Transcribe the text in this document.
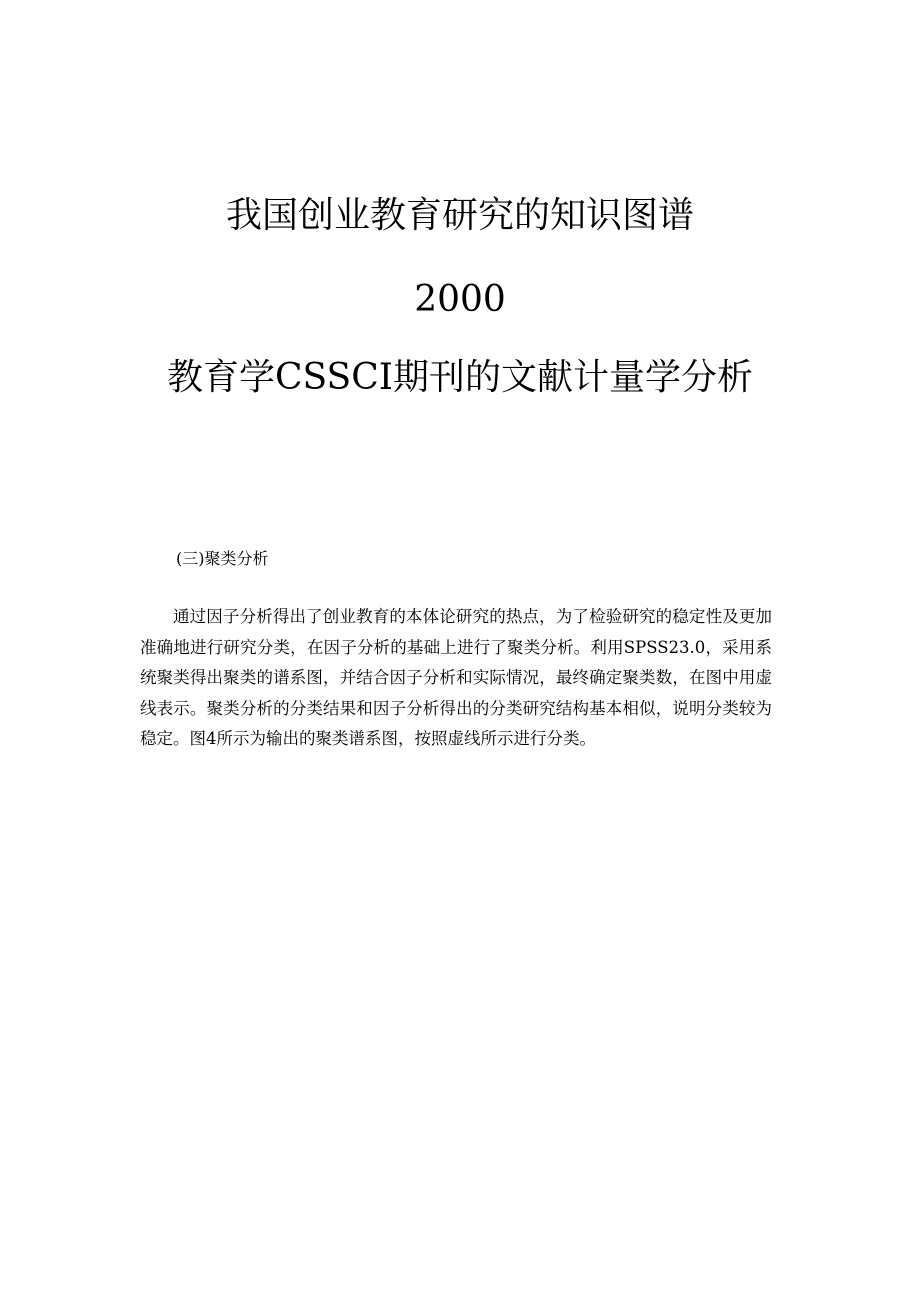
我国创业教育研究的知识图谱
2000
教育学CSSCI期刊的文献计量学分析
(三)聚类分析

通过因子分析得出了创业教育的本体论研究的热点，为了检验研究的稳定性及更加准确地进行研究分类，在因子分析的基础上进行了聚类分析。利用SPSS23.0，采用系统聚类得出聚类的谱系图，并结合因子分析和实际情况，最终确定聚类数，在图中用虚线表示。聚类分析的分类结果和因子分析得出的分类研究结构基本相似，说明分类较为稳定。图4所示为输出的聚类谱系图，按照虚线所示进行分类。
